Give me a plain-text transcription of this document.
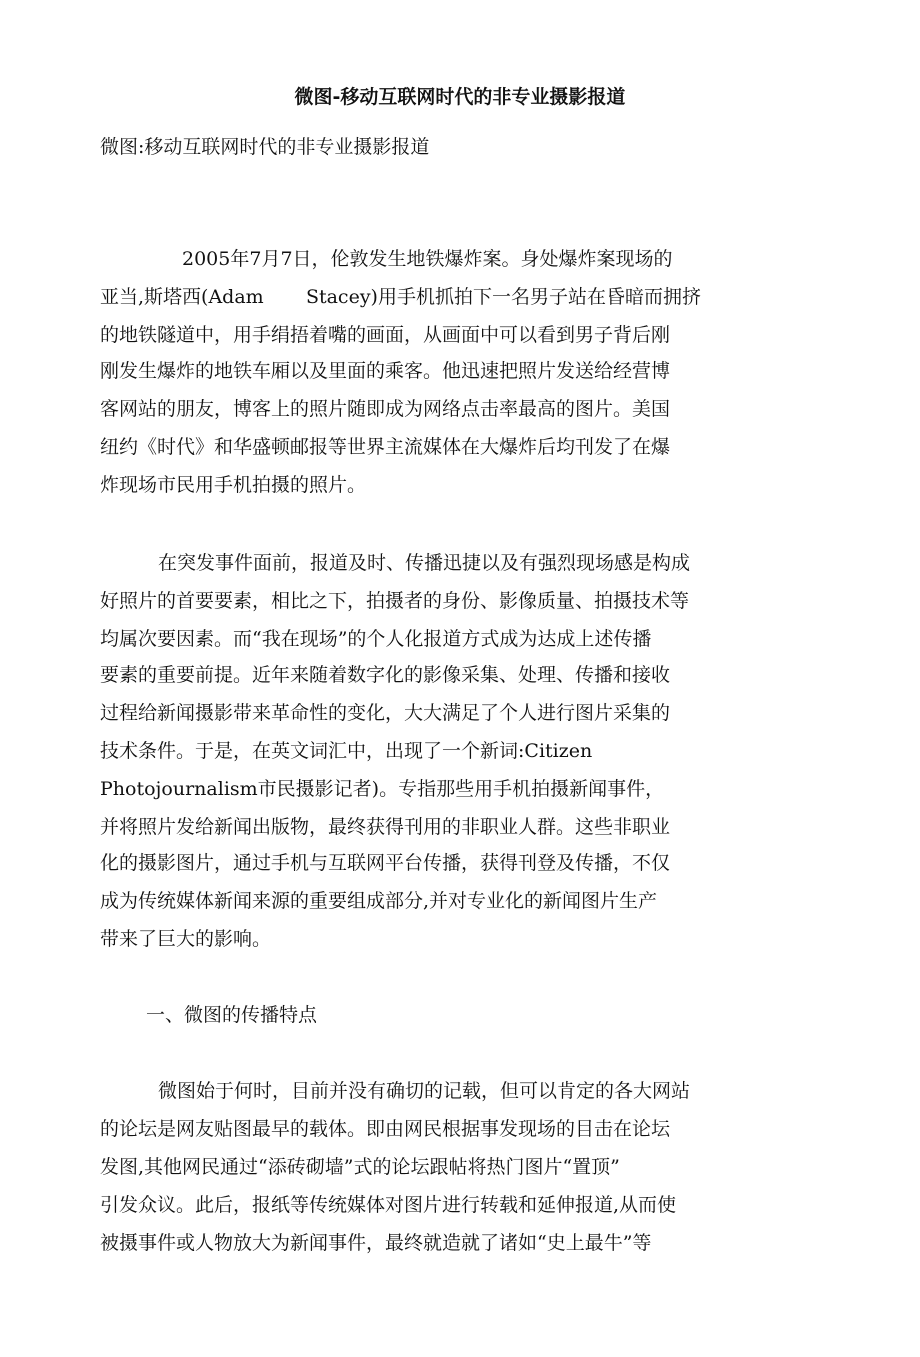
微图-移动互联网时代的非专业摄影报道
微图:移动互联网时代的非专业摄影报道
2005年7月7日，伦敦发生地铁爆炸案。身处爆炸案现场的
亚当,斯塔西(Adam       Stacey)用手机抓拍下一名男子站在昏暗而拥挤
的地铁隧道中，用手绢捂着嘴的画面，从画面中可以看到男子背后刚
刚发生爆炸的地铁车厢以及里面的乘客。他迅速把照片发送给经营博
客网站的朋友，博客上的照片随即成为网络点击率最高的图片。美国
纽约《时代》和华盛顿邮报等世界主流媒体在大爆炸后均刊发了在爆
炸现场市民用手机拍摄的照片。
在突发事件面前，报道及时、传播迅捷以及有强烈现场感是构成
好照片的首要要素，相比之下，拍摄者的身份、影像质量、拍摄技术等
均属次要因素。而“我在现场”的个人化报道方式成为达成上述传播
要素的重要前提。近年来随着数字化的影像采集、处理、传播和接收
过程给新闻摄影带来革命性的变化，大大满足了个人进行图片采集的
技术条件。于是，在英文词汇中，出现了一个新词:Citizen
Photojournalism市民摄影记者)。专指那些用手机拍摄新闻事件，
并将照片发给新闻出版物，最终获得刊用的非职业人群。这些非职业
化的摄影图片，通过手机与互联网平台传播，获得刊登及传播，不仅
成为传统媒体新闻来源的重要组成部分,并对专业化的新闻图片生产
带来了巨大的影响。
一、微图的传播特点
微图始于何时，目前并没有确切的记载，但可以肯定的各大网站
的论坛是网友贴图最早的载体。即由网民根据事发现场的目击在论坛
发图,其他网民通过“添砖砌墙”式的论坛跟帖将热门图片“置顶”
引发众议。此后，报纸等传统媒体对图片进行转载和延伸报道,从而使
被摄事件或人物放大为新闻事件，最终就造就了诸如“史上最牛”等
